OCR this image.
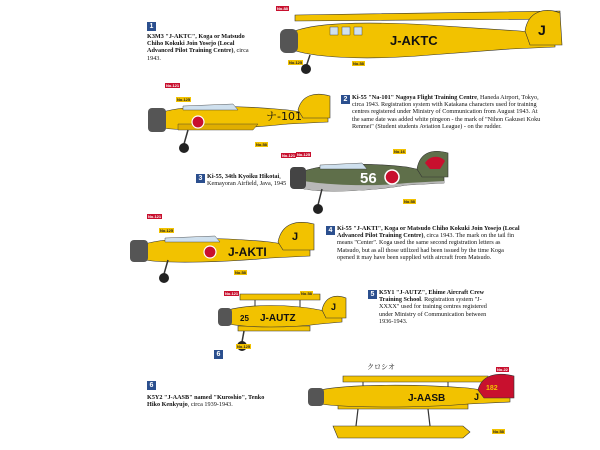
1
K3M3 "J-AKTC", Koga or Matsudo Chiho Kokuki Join Yosejo (Local Advanced Pilot Training Centre), circa 1943.
J-AKTC
J
No.88
No.125	No.58
ナ-101
No.121
No.125
No.58
2 Ki-55 "Na-101" Nagoya Flight Training Centre, Haneda Airport, Tokyo, circa 1943. Registration system with Katakana characters used for training centres registered under Ministry of Communication from August 1943. At the same date was added white pingeon - the mark of "Nihon Gakusei Koku Renmei" (Student students Aviation League) - on the rudder.
3 Ki-55, 34th Kyoiku Hikotai, Kemayoran Airfield, Java, 1945	56
No.121 No.125
No.16
No.58
J-AKTI
J
No.121
No.125
No.58
4 Ki-55 "J-AKTI", Koga or Matsudo Chiho Kokuki Join Yosejo (Local Advanced Pilot Training Centre), circa 1943. The mark on the tail fin means "Center". Koga used the same second registration letters as Matsudo, but as all those utilized had been issued by the time Koga opened it may have been supplied with aircraft from Matsudo.
25 J-AUTZ
J
No.121	No.58
No.125
6
5 K5Y1 "J-AUTZ", Ehime Aircraft Crew Training School. Registration system "J-XXXX" used for training centres registered under Ministry of Communication between 1936-1943.
6
K5Y2 "J-AASB" named "Kuroshio", Tenko Hiko Kenkyujo, circa 1939-1943.
クロシオ
J-AASB
182
J
No.22
No.58
